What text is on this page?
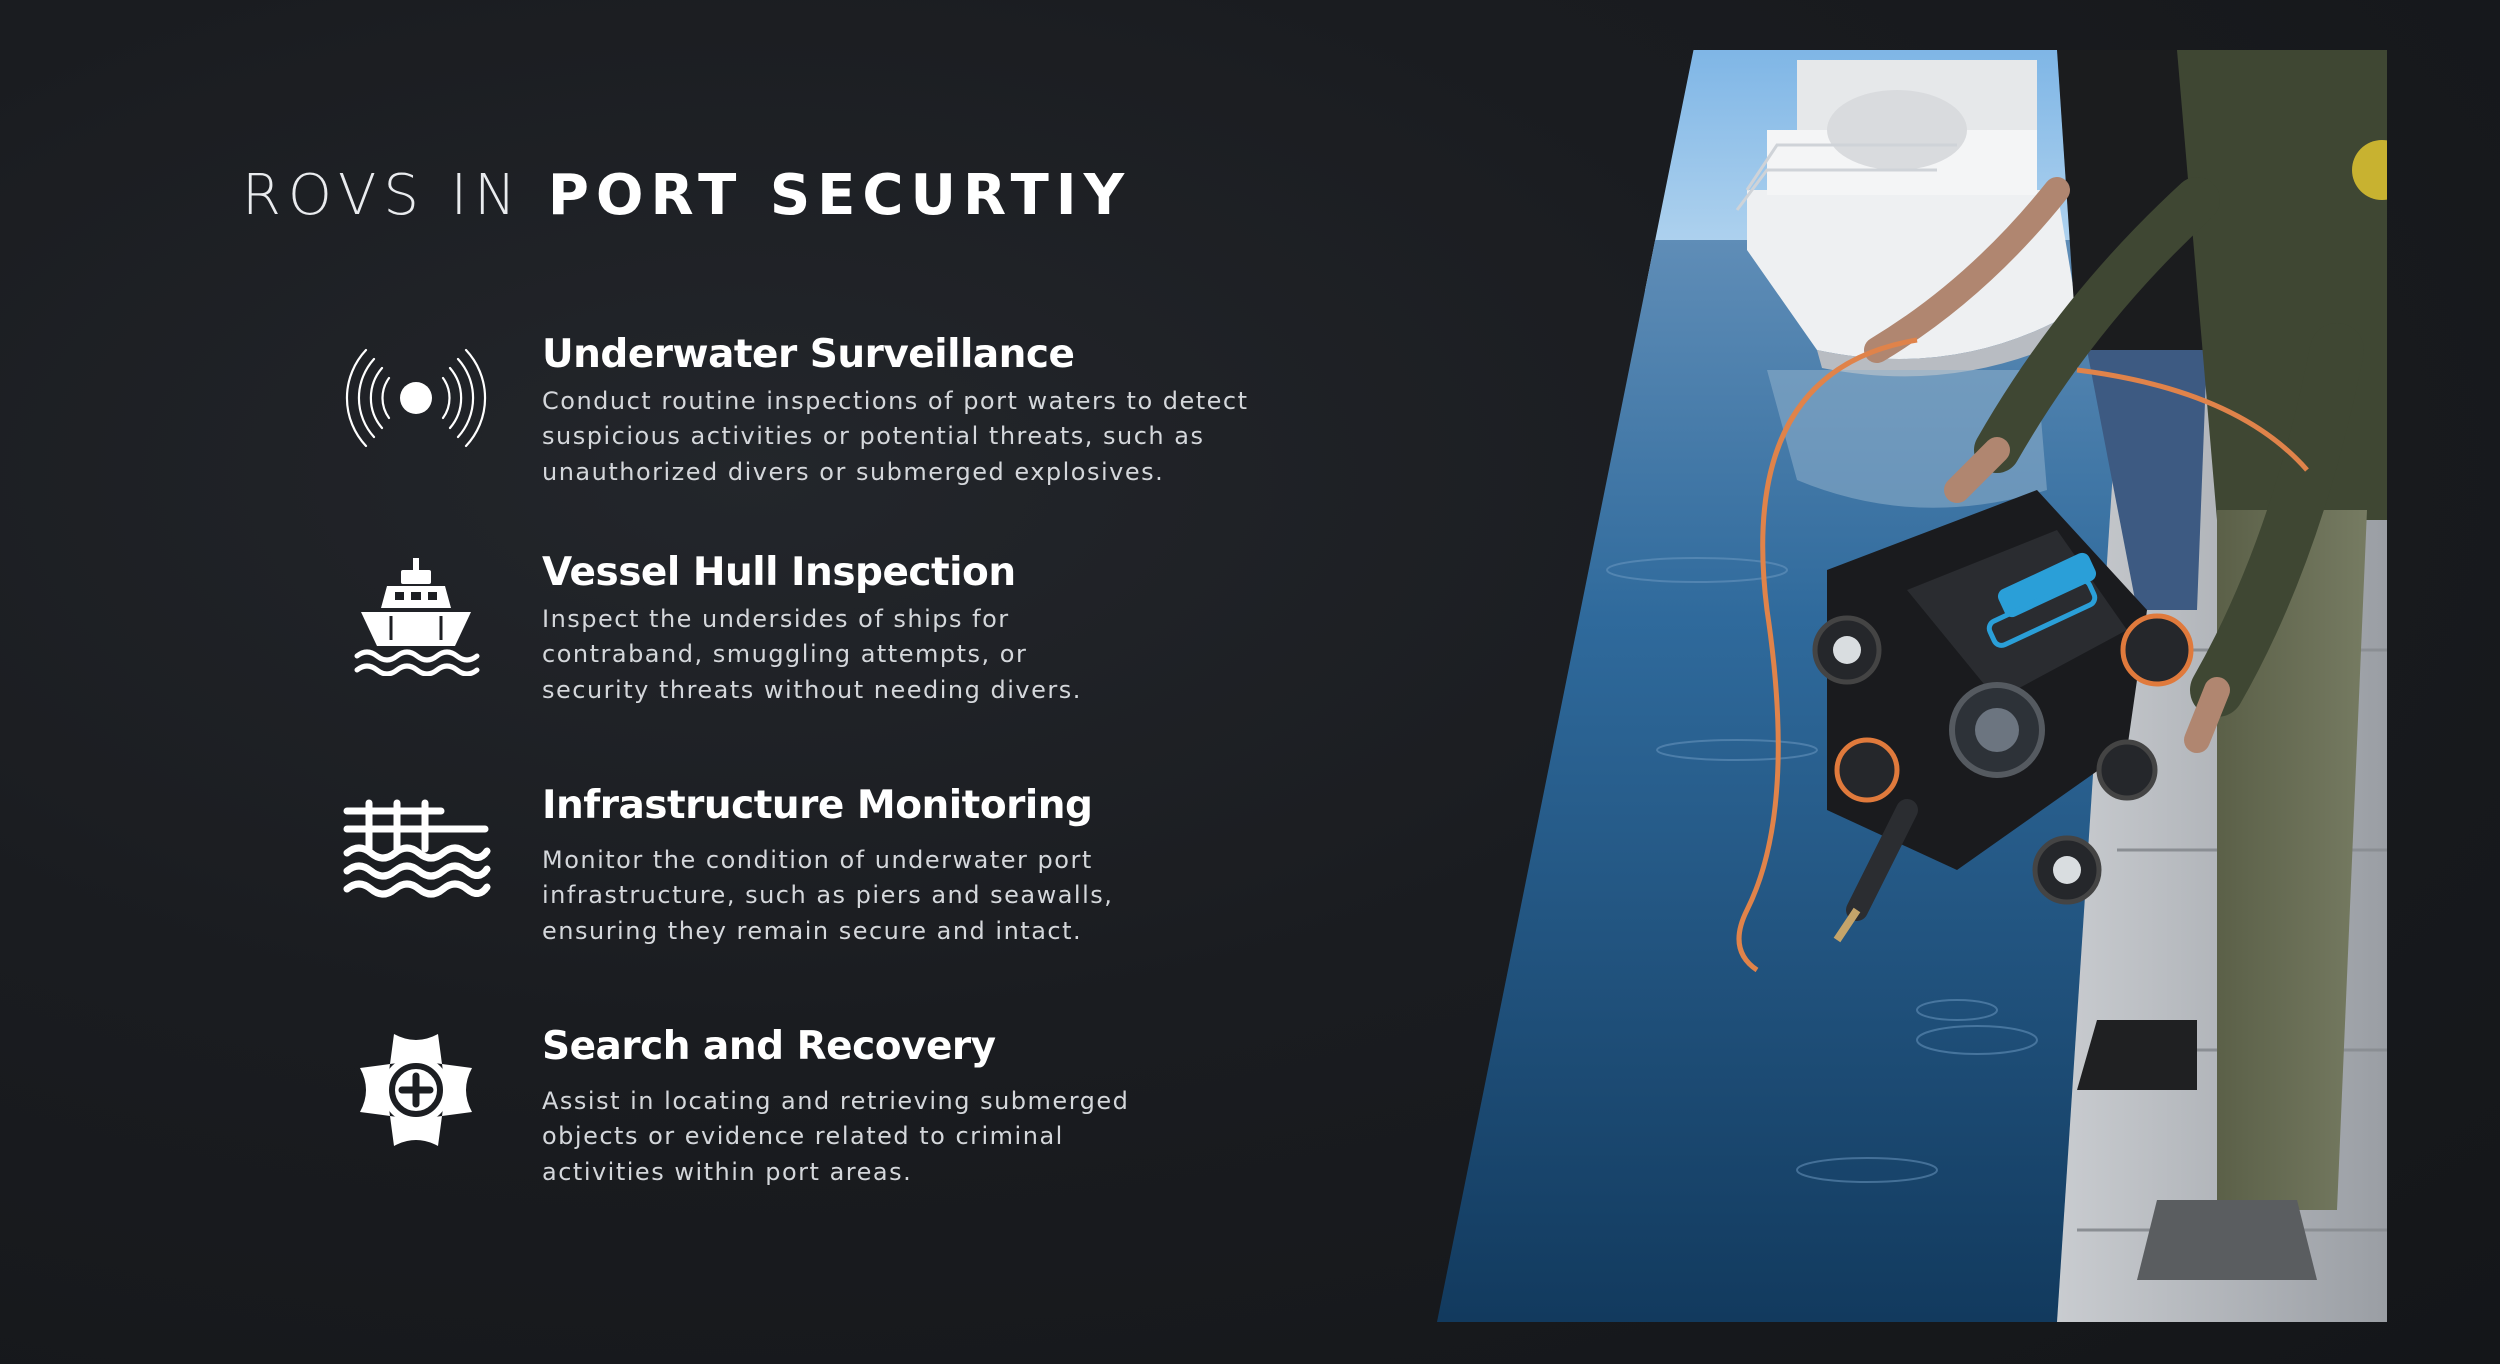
ROVS IN PORT SECURTIY
Underwater Surveillance

Conduct routine inspections of port waters to detect
suspicious activities or potential threats, such as
unauthorized divers or submerged explosives.

Vessel Hull Inspection

Inspect the undersides of ships for
contraband, smuggling attempts, or
security threats without needing divers.

Infrastructure Monitoring

Monitor the condition of underwater port
infrastructure, such as piers and seawalls,
ensuring they remain secure and intact.

Search and Recovery

Assist in locating and retrieving submerged
objects or evidence related to criminal
activities within port areas.
